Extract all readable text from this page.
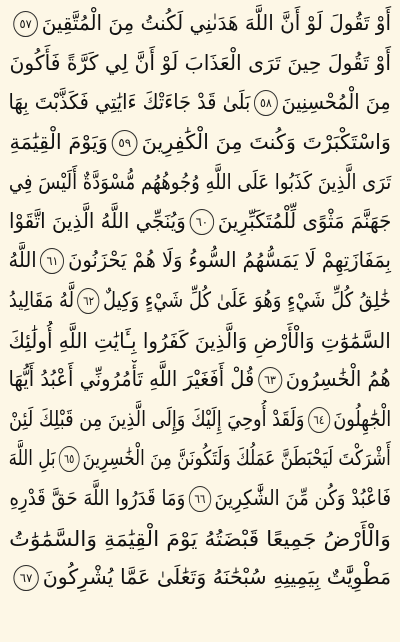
أَوْ تَقُولَ لَوْ أَنَّ اللَّهَ هَدَىٰنِي لَكُنتُ مِنَ الْمُتَّقِينَ٥٧
أَوْ تَقُولَ حِينَ تَرَى الْعَذَابَ لَوْ أَنَّ لِي كَرَّةً فَأَكُونَ
مِنَ الْمُحْسِنِينَ٥٨بَلَىٰ قَدْ جَاءَتْكَ ءَايَٰتِي فَكَذَّبْتَ بِهَا
وَاسْتَكْبَرْتَ وَكُنتَ مِنَ الْكَٰفِرِينَ٥٩وَيَوْمَ الْقِيَٰمَةِ
تَرَى الَّذِينَ كَذَبُوا عَلَى اللَّهِ وُجُوهُهُم مُّسْوَدَّةٌ أَلَيْسَ فِي
جَهَنَّمَ مَثْوًى لِّلْمُتَكَبِّرِينَ٦٠وَيُنَجِّي اللَّهُ الَّذِينَ اتَّقَوْا
بِمَفَازَتِهِمْ لَا يَمَسُّهُمُ السُّوءُ وَلَا هُمْ يَحْزَنُونَ٦١اللَّهُ
خَٰلِقُ كُلِّ شَيْءٍ وَهُوَ عَلَىٰ كُلِّ شَيْءٍ وَكِيلٌ٦٢لَّهُ مَقَالِيدُ
السَّمَٰوَٰتِ وَالْأَرْضِ وَالَّذِينَ كَفَرُوا بِـَٔايَٰتِ اللَّهِ أُولَٰئِكَ
هُمُ الْخَٰسِرُونَ٦٣قُلْ أَفَغَيْرَ اللَّهِ تَأْمُرُونِّي أَعْبُدُ أَيُّهَا
الْجَٰهِلُونَ٦٤وَلَقَدْ أُوحِيَ إِلَيْكَ وَإِلَى الَّذِينَ مِن قَبْلِكَ لَئِنْ
أَشْرَكْتَ لَيَحْبَطَنَّ عَمَلُكَ وَلَتَكُونَنَّ مِنَ الْخَٰسِرِينَ٦٥بَلِ اللَّهَ
فَاعْبُدْ وَكُن مِّنَ الشَّٰكِرِينَ٦٦وَمَا قَدَرُوا اللَّهَ حَقَّ قَدْرِهِ
وَالْأَرْضُ جَمِيعًا قَبْضَتُهُ يَوْمَ الْقِيَٰمَةِ وَالسَّمَٰوَٰتُ
مَطْوِيَّٰتٌ بِيَمِينِهِ سُبْحَٰنَهُ وَتَعَٰلَىٰ عَمَّا يُشْرِكُونَ٦٧
